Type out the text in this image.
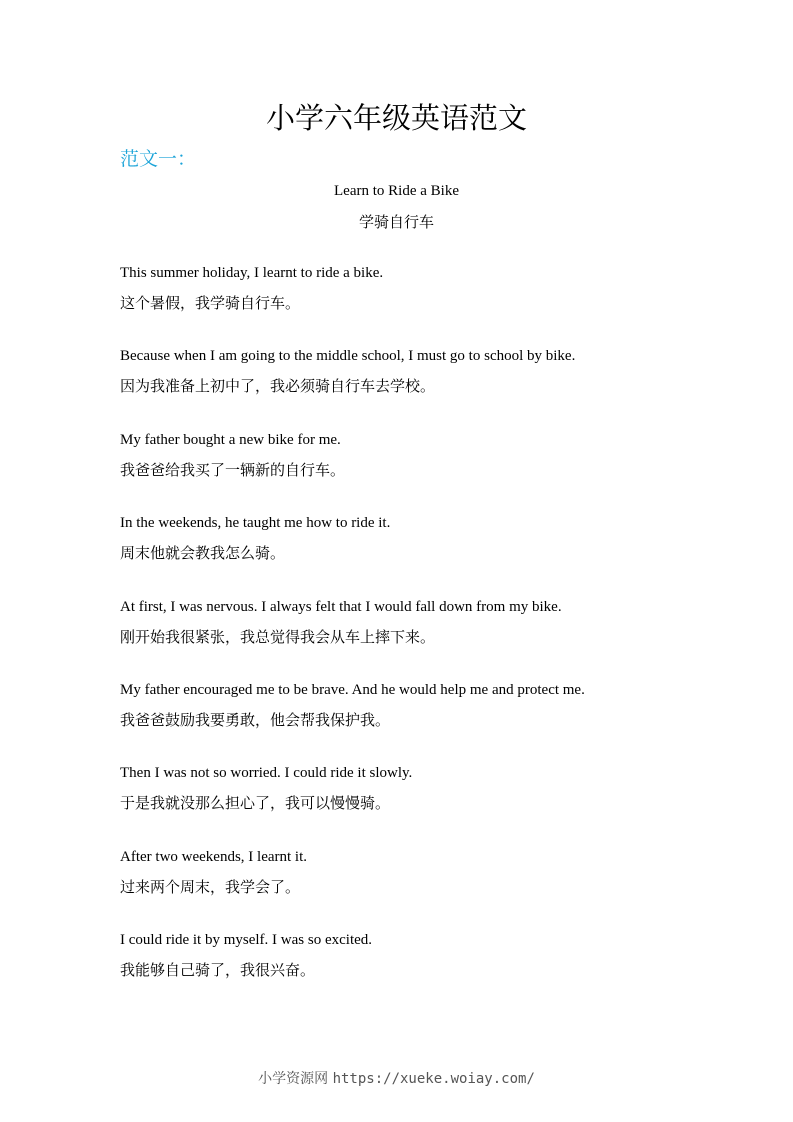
小学六年级英语范文
范文一：
Learn to Ride a Bike
学骑自行车
This summer holiday, I learnt to ride a bike.
这个暑假，我学骑自行车。
Because when I am going to the middle school, I must go to school by bike.
因为我准备上初中了，我必须骑自行车去学校。
My father bought a new bike for me.
我爸爸给我买了一辆新的自行车。
In the weekends, he taught me how to ride it.
周末他就会教我怎么骑。
At first, I was nervous. I always felt that I would fall down from my bike.
刚开始我很紧张，我总觉得我会从车上摔下来。
My father encouraged me to be brave. And he would help me and protect me.
我爸爸鼓励我要勇敢，他会帮我保护我。
Then I was not so worried. I could ride it slowly.
于是我就没那么担心了，我可以慢慢骑。
After two weekends, I learnt it.
过来两个周末，我学会了。
I could ride it by myself. I was so excited.
我能够自己骑了，我很兴奋。
小学资源网 https://xueke.woiay.com/
